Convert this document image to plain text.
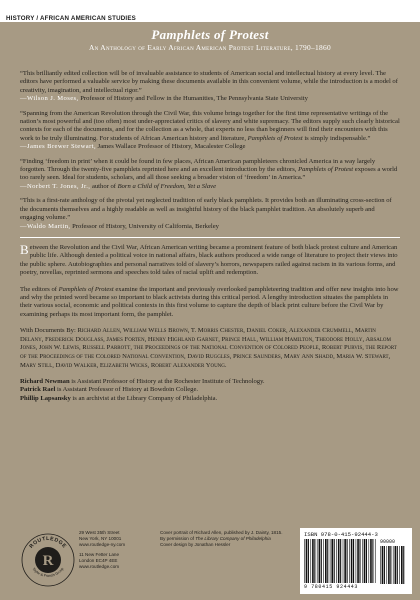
HISTORY / AFRICAN AMERICAN STUDIES
Pamphlets of Protest
An Anthology of Early African American Protest Literature, 1790–1860

“This brilliantly edited collection will be of invaluable assistance to students of American social and intellectual history at every level. The editors have performed a valuable service by making these documents available in this convenient volume, while the introduction is a model of creativity, imagination, and intellectual rigor.”
—Wilson J. Moses, Professor of History and Fellow in the Humanities, The Pennsylvania State University

“Spanning from the American Revolution through the Civil War, this volume brings together for the first time representative writings of the nation’s most powerful and (too often) most under-appreciated critics of slavery and white supremacy. The editors supply such clearly historical contexts for each of the documents, and for the collection as a whole, that experts no less than beginners will find their encounters with this work to be truly illuminating. For students of African American history and literature, Pamphlets of Protest is simply indispensable.”
—James Brewer Stewart, James Wallace Professor of History, Macalester College

“Finding ‘freedom in print’ when it could be found in few places, African American pamphleteers chronicled America in a way largely forgotten. Through the twenty-five pamphlets reprinted here and an excellent introduction by the editors, Pamphlets of Protest exposes a world too rarely seen. Ideal for students, scholars, and all those seeking a broader vision of ‘freedom’ in America.”
—Norbert T. Jones, Jr., author of Born a Child of Freedom, Yet a Slave

“This is a first-rate anthology of the pivotal yet neglected tradition of early black pamphlets. It provides both an illuminating cross-section of the documents themselves and a highly readable as well as insightful history of the black pamphlet tradition. An absolutely superb and engaging volume.”
—Waldo Martin, Professor of History, University of California, Berkeley

Between the Revolution and the Civil War, African American writing became a prominent feature of both black protest culture and American public life. Although denied a political voice in national affairs, black authors produced a wide range of literature to project their views into the public sphere. Autobiographies and personal narratives told of slavery’s horrors, newspapers railed against racism in its various forms, and poetry, novellas, reprinted sermons and speeches told tales of racial uplift and redemption.

The editors of Pamphlets of Protest examine the important and previously overlooked pamphleteering tradition and offer new insights into how and why the printed word became so important to black activists during this critical period. A lengthy introduction situates the pamphlets in their various social, economic and political contexts in this first volume to capture the depth of black print culture before the Civil War by examining perhaps its most important form, the pamphlet.

With Documents By: Richard Allen, William Wells Brown, T. Morris Chester, Daniel Coker, Alexander Crummell, Martin Delany, Frederick Douglass, James Forten, Henry Highland Garnet, Prince Hall, William Hamilton, Theodore Holly, Absalom Jones, John W. Lewis, Russell Parrott, the Proceedings of the National Convention of Colored People, Robert Purvis, the Report of the Proceedings of the Colored National Convention, David Ruggles, Prince Saunders, Mary Ann Shadd, Maria W. Stewart, Mary Still, David Walker, Elizabeth Wicks, Robert Alexander Young.

Richard Newman is Assistant Professor of History at the Rochester Institute of Technology.

Patrick Rael is Assistant Professor of History at Bowdoin College.

Phillip Lapsansky is an archivist at the Library Company of Philadelphia.

R
ROUTLEDGE
Taylor & Francis Group
29 West 35th Street
New York, NY 10001
www.routledge-ny.com
11 New Fetter Lane
London EC4P 4EE
www.routledge.com
Cover portrait of Richard Allen, published by J. Dainty, 1815.
By permission of The Library Company of Philadelphia
Cover design by Jonathan Hessler
ISBN 978-0-415-92444-3
90000
9 780415 924443
